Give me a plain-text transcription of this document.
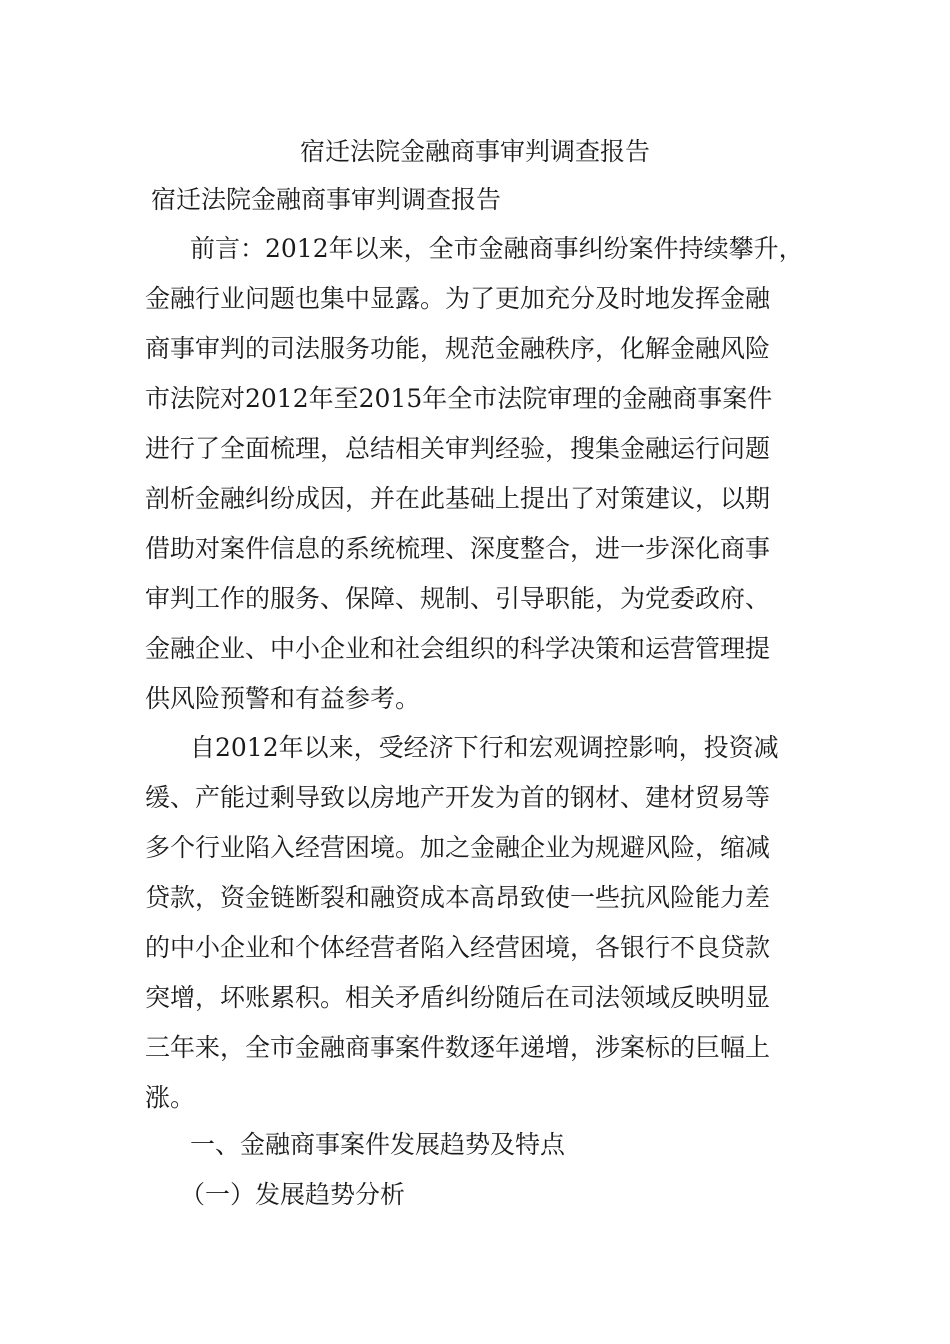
宿迁法院金融商事审判调查报告
宿迁法院金融商事审判调查报告
前言：2012年以来，全市金融商事纠纷案件持续攀升，
金融行业问题也集中显露。为了更加充分及时地发挥金融
商事审判的司法服务功能，规范金融秩序，化解金融风险
市法院对2012年至2015年全市法院审理的金融商事案件
进行了全面梳理，总结相关审判经验，搜集金融运行问题
剖析金融纠纷成因，并在此基础上提出了对策建议，以期
借助对案件信息的系统梳理、深度整合，进一步深化商事
审判工作的服务、保障、规制、引导职能，为党委政府、
金融企业、中小企业和社会组织的科学决策和运营管理提
供风险预警和有益参考。
自2012年以来，受经济下行和宏观调控影响，投资减
缓、产能过剩导致以房地产开发为首的钢材、建材贸易等
多个行业陷入经营困境。加之金融企业为规避风险，缩减
贷款，资金链断裂和融资成本高昂致使一些抗风险能力差
的中小企业和个体经营者陷入经营困境，各银行不良贷款
突增，坏账累积。相关矛盾纠纷随后在司法领域反映明显
三年来，全市金融商事案件数逐年递增，涉案标的巨幅上
涨。
一、金融商事案件发展趋势及特点
（一）发展趋势分析
